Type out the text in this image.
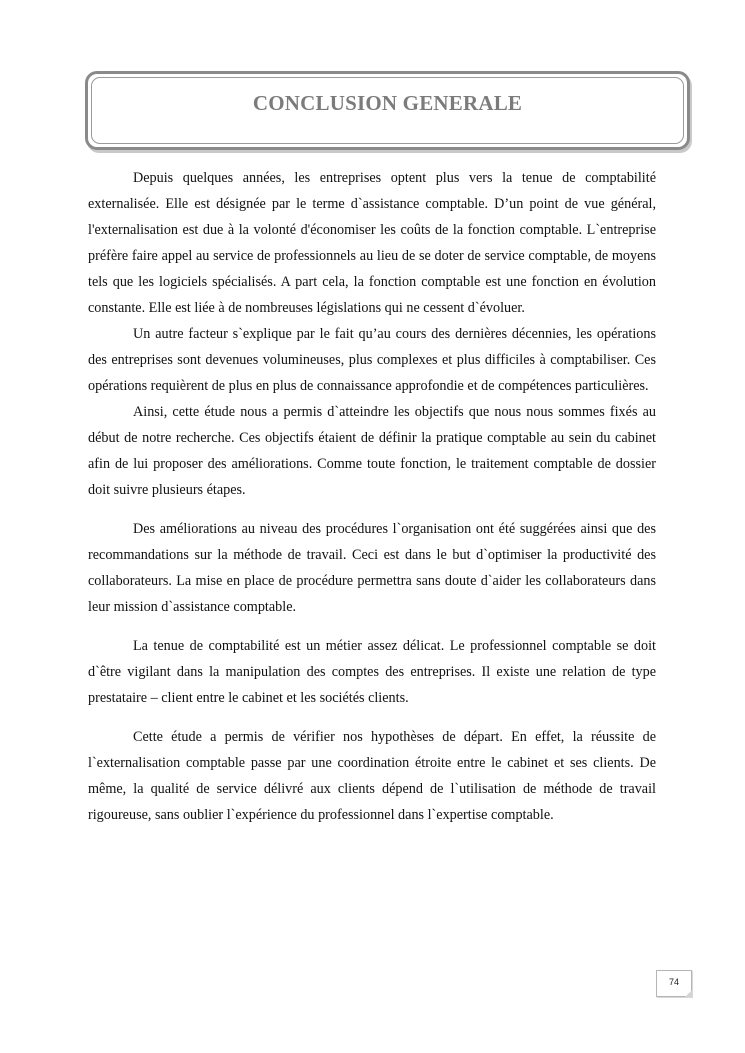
CONCLUSION GENERALE

Depuis quelques années, les entreprises optent plus vers la tenue de comptabilité externalisée. Elle est désignée par le terme d`assistance comptable. D’un point de vue général, l'externalisation est due à la volonté d'économiser les coûts de la fonction comptable. L`entreprise préfère faire appel au service de professionnels au lieu de se doter de service comptable, de moyens tels que les logiciels spécialisés. A part cela, la fonction comptable est une fonction en évolution constante. Elle est liée à de nombreuses législations qui ne cessent d`évoluer.

Un autre facteur s`explique par le fait qu’au cours des dernières décennies, les opérations des entreprises sont devenues volumineuses, plus complexes et plus difficiles à comptabiliser. Ces opérations requièrent de plus en plus de connaissance approfondie et de compétences particulières.

Ainsi, cette étude nous a permis d`atteindre les objectifs que nous nous sommes fixés au début de notre recherche. Ces objectifs étaient de définir la pratique comptable au sein du cabinet afin de lui proposer des améliorations. Comme toute fonction, le traitement comptable de dossier doit suivre plusieurs étapes.

Des améliorations au niveau des procédures l`organisation ont été suggérées ainsi que des recommandations sur la méthode de travail. Ceci est dans le but d`optimiser la productivité des collaborateurs. La mise en place de procédure permettra sans doute d`aider les collaborateurs dans leur mission d`assistance comptable.

La tenue de comptabilité est un métier assez délicat. Le professionnel comptable se doit d`être vigilant dans la manipulation des comptes des entreprises. Il existe une relation de type prestataire – client entre le cabinet et les sociétés clients.

Cette étude a permis de vérifier nos hypothèses de départ. En effet, la réussite de l`externalisation comptable passe par une coordination étroite entre le cabinet et ses clients. De même, la qualité de service délivré aux clients dépend de l`utilisation de méthode de travail rigoureuse, sans oublier l`expérience du professionnel dans l`expertise comptable.

74
